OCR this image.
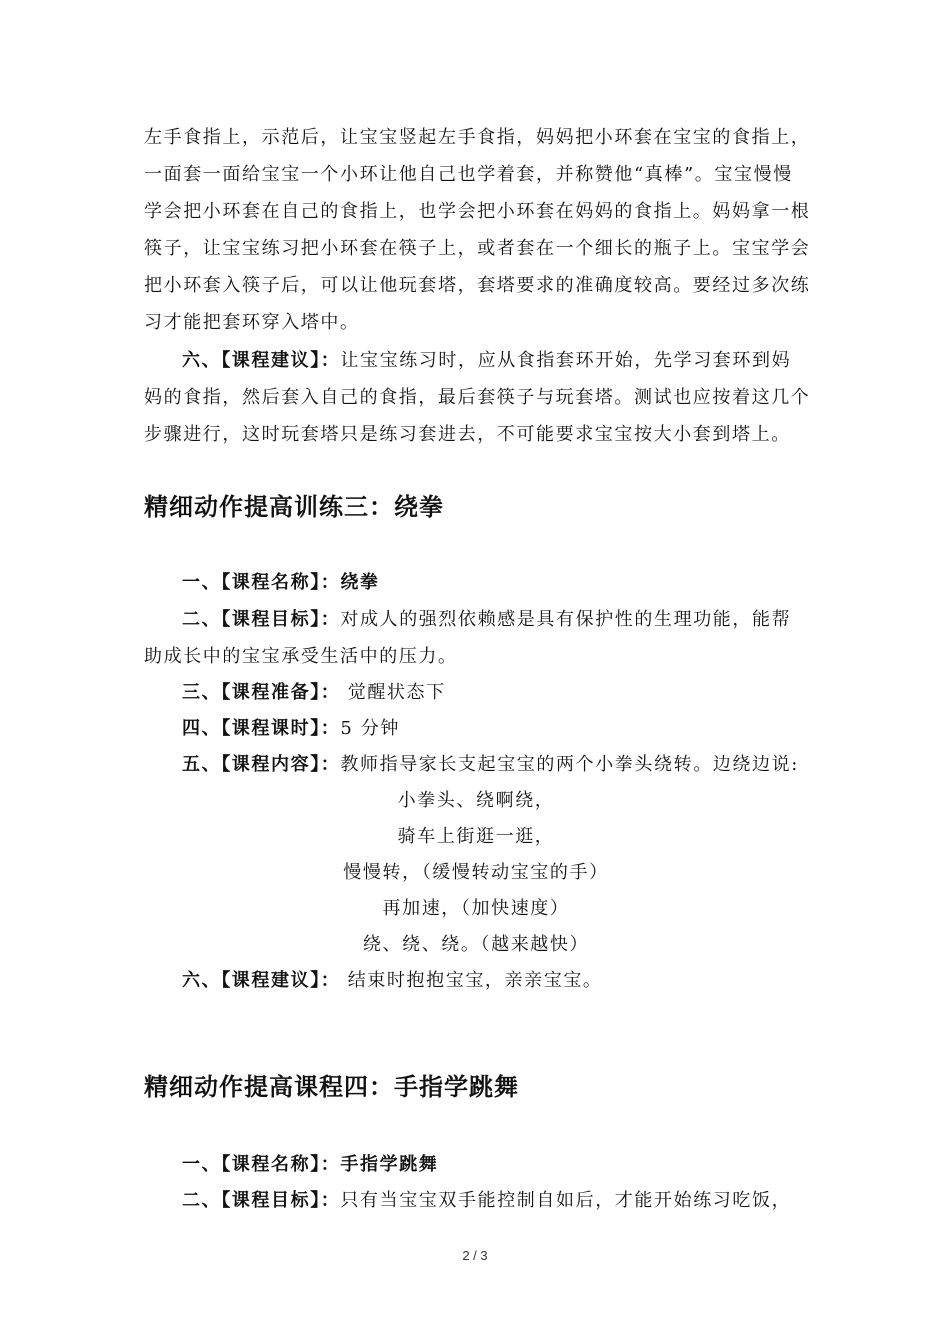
左手食指上，示范后，让宝宝竖起左手食指，妈妈把小环套在宝宝的食指上，
一面套一面给宝宝一个小环让他自己也学着套，并称赞他“真棒”。宝宝慢慢
学会把小环套在自己的食指上，也学会把小环套在妈妈的食指上。妈妈拿一根
筷子，让宝宝练习把小环套在筷子上，或者套在一个细长的瓶子上。宝宝学会
把小环套入筷子后，可以让他玩套塔，套塔要求的准确度较高。要经过多次练
习才能把套环穿入塔中。
六、【课程建议】：让宝宝练习时，应从食指套环开始，先学习套环到妈
妈的食指，然后套入自己的食指，最后套筷子与玩套塔。测试也应按着这几个
步骤进行，这时玩套塔只是练习套进去，不可能要求宝宝按大小套到塔上。
精细动作提高训练三：绕拳
一、【课程名称】：绕拳
二、【课程目标】：对成人的强烈依赖感是具有保护性的生理功能，能帮
助成长中的宝宝承受生活中的压力。
三、【课程准备】： 觉醒状态下
四、【课程课时】：5 分钟
五、【课程内容】：教师指导家长支起宝宝的两个小拳头绕转。边绕边说:
小拳头、绕啊绕，
骑车上街逛一逛，
慢慢转，（缓慢转动宝宝的手）
再加速，（加快速度）
绕、绕、绕。（越来越快）
六、【课程建议】： 结束时抱抱宝宝，亲亲宝宝。
精细动作提高课程四：手指学跳舞
一、【课程名称】：手指学跳舞
二、【课程目标】：只有当宝宝双手能控制自如后，才能开始练习吃饭，
2 / 3
